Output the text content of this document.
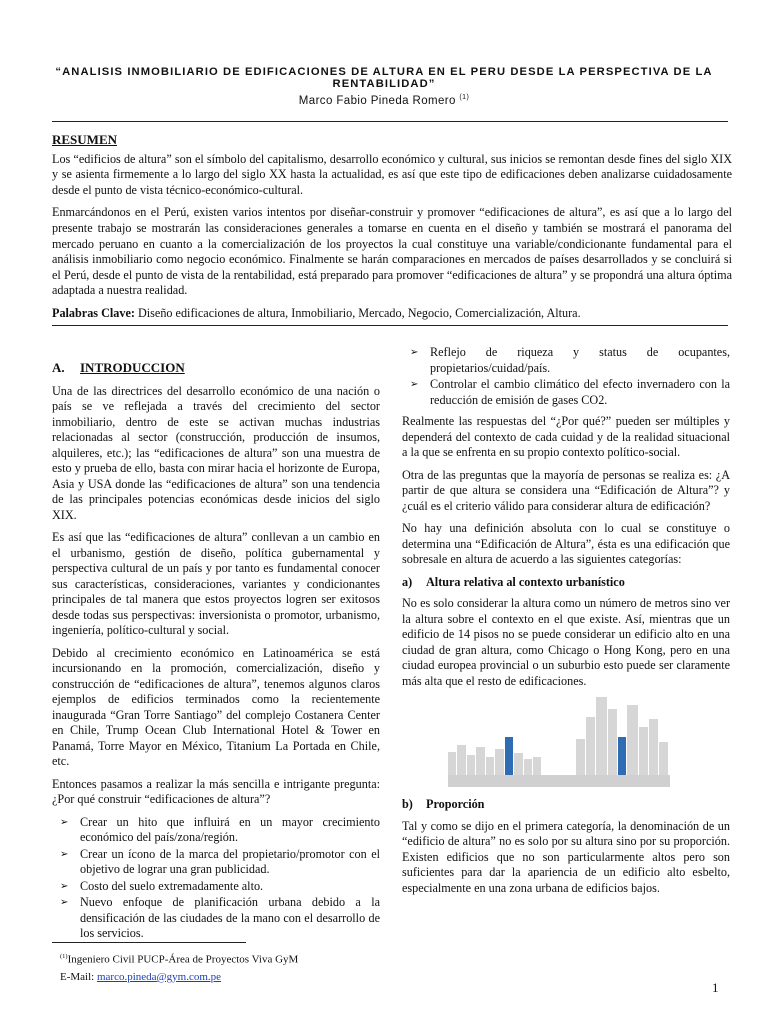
“ANALISIS INMOBILIARIO DE EDIFICACIONES DE ALTURA EN EL PERU DESDE LA PERSPECTIVA DE LA RENTABILIDAD”
Marco Fabio Pineda Romero $^{(1)}$
RESUMEN

Los “edificios de altura” son el símbolo del capitalismo, desarrollo económico y cultural, sus inicios se remontan desde fines del siglo XIX y se asienta firmemente a lo largo del siglo XX hasta la actualidad, es así que este tipo de edificaciones deben analizarse cuidadosamente desde el punto de vista técnico-económico-cultural.

Enmarcándonos en el Perú, existen varios intentos por diseñar-construir y promover “edificaciones de altura”, es así que a lo largo del presente trabajo se mostrarán las consideraciones generales a tomarse en cuenta en el diseño y también se mostrará el panorama del mercado peruano en cuanto a la comercialización de los proyectos la cual constituye una variable/condicionante fundamental para el análisis inmobiliario como negocio económico. Finalmente se harán comparaciones en mercados de países desarrollados y se concluirá si el Perú, desde el punto de vista de la rentabilidad, está preparado para promover “edificaciones de altura” y se propondrá una altura óptima adaptada a nuestra realidad.

Palabras Clave: Diseño edificaciones de altura, Inmobiliario, Mercado, Negocio, Comercialización, Altura.

A. INTRODUCCION

Una de las directrices del desarrollo económico de una nación o país se ve reflejada a través del crecimiento del sector inmobiliario, dentro de este se activan muchas industrias relacionadas al sector (construcción, producción de insumos, alquileres, etc.); las “edificaciones de altura” son una muestra de esto y prueba de ello, basta con mirar hacia el horizonte de Europa, Asia y USA donde las “edificaciones de altura” son una tendencia de las principales potencias económicas desde inicios del siglo XIX.

Es así que las “edificaciones de altura” conllevan a un cambio en el urbanismo, gestión de diseño, política gubernamental y perspectiva cultural de un país y por tanto es fundamental conocer sus características, consideraciones, variantes y condicionantes principales de tal manera que estos proyectos logren ser exitosos desde todas sus perspectivas: inversionista o promotor, urbanismo, ingeniería, político-cultural y social.

Debido al crecimiento económico en Latinoamérica se está incursionando en la promoción, comercialización, diseño y construcción de “edificaciones de altura”, tenemos algunos claros ejemplos de edificios terminados como la recientemente inaugurada “Gran Torre Santiago” del complejo Costanera Center en Chile, Trump Ocean Club International Hotel & Tower en Panamá, Torre Mayor en México, Titanium La Portada en Chile, etc.

Entonces pasamos a realizar la más sencilla e intrigante pregunta: ¿Por qué construir “edificaciones de altura”?

➢ Crear un hito que influirá en un mayor crecimiento económico del país/zona/región.
➢ Crear un ícono de la marca del propietario/promotor con el objetivo de lograr una gran publicidad.
➢ Costo del suelo extremadamente alto.
➢ Nuevo enfoque de planificación urbana debido a la densificación de las ciudades de la mano con el desarrollo de los servicios.
➢ Reflejo de riqueza y status de ocupantes, propietarios/cuidad/país.
➢ Controlar el cambio climático del efecto invernadero con la reducción de emisión de gases CO2.

Realmente las respuestas del “¿Por qué?” pueden ser múltiples y dependerá del contexto de cada cuidad y de la realidad situacional a la que se enfrenta en su propio contexto político-social.

Otra de las preguntas que la mayoría de personas se realiza es: ¿A partir de que altura se considera una “Edificación de Altura”? y ¿cuál es el criterio válido para considerar altura de edificación?

No hay una definición absoluta con lo cual se constituye o determina una “Edificación de Altura”, ésta es una edificación que sobresale en altura de acuerdo a las siguientes categorías:

a) Altura relativa al contexto urbanístico

No es solo considerar la altura como un número de metros sino ver la altura sobre el contexto en el que existe. Así, mientras que un edificio de 14 pisos no se puede considerar un edificio alto en una ciudad de gran altura, como Chicago o Hong Kong, pero en una ciudad europea provincial o un suburbio esto puede ser claramente más alta que el resto de edificaciones.

b) Proporción

Tal y como se dijo en el primera categoría, la denominación de un “edificio de altura” no es solo por su altura sino por su proporción. Existen edificios que no son particularmente altos pero son suficientes para dar la apariencia de un edificio alto esbelto, especialmente en una zona urbana de edificios bajos.

$^{(1)}$Ingeniero Civil PUCP-Área de Proyectos Viva GyM
E-Mail: marco.pineda@gym.com.pe
1
